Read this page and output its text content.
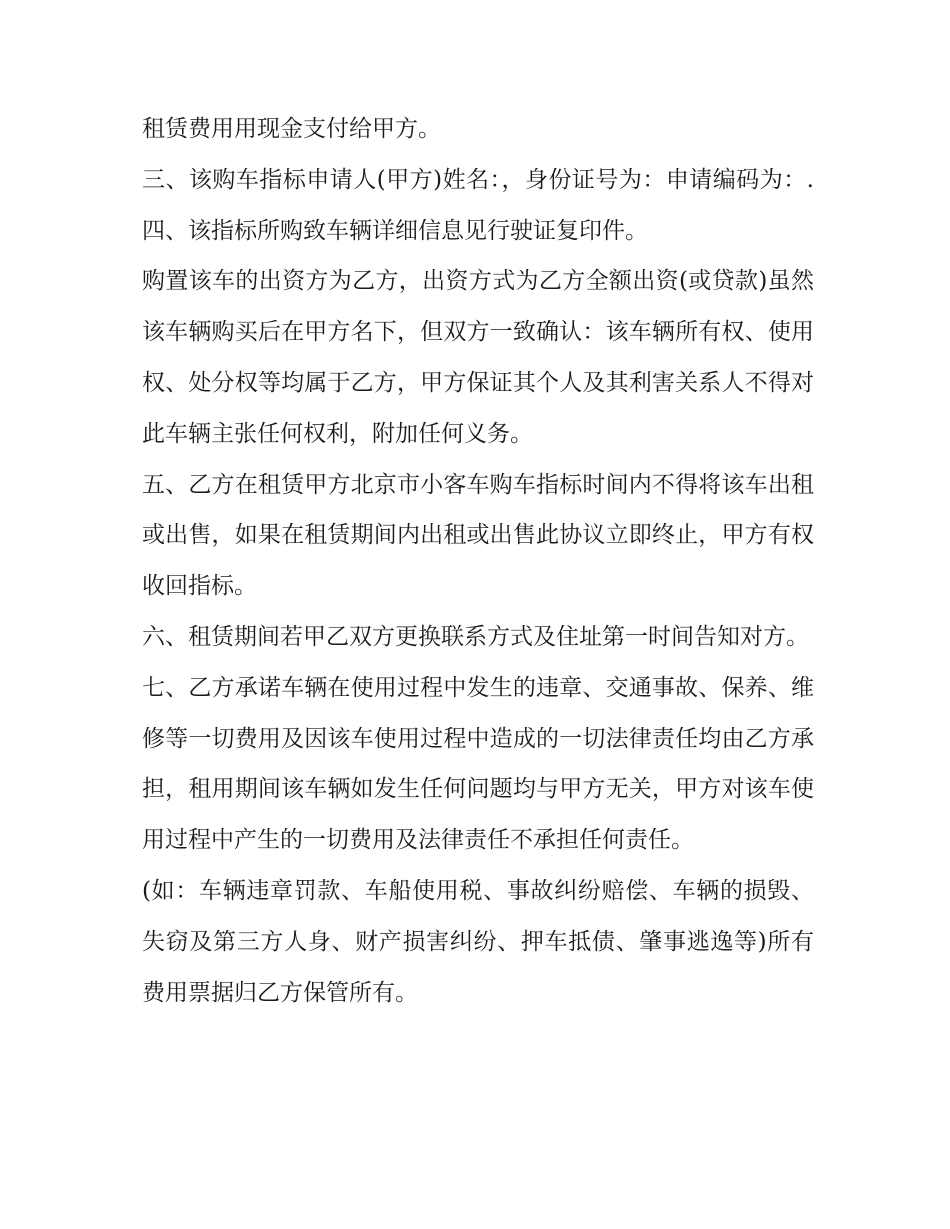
租赁费用用现金支付给甲方。

三、该购车指标申请人(甲方)姓名：，身份证号为：申请编码为：.四、该指标所购致车辆详细信息见行驶证复印件。

购置该车的出资方为乙方，出资方式为乙方全额出资(或贷款)虽然该车辆购买后在甲方名下，但双方一致确认：该车辆所有权、使用权、处分权等均属于乙方，甲方保证其个人及其利害关系人不得对此车辆主张任何权利，附加任何义务。

五、乙方在租赁甲方北京市小客车购车指标时间内不得将该车出租或出售，如果在租赁期间内出租或出售此协议立即终止，甲方有权收回指标。

六、租赁期间若甲乙双方更换联系方式及住址第一时间告知对方。

七、乙方承诺车辆在使用过程中发生的违章、交通事故、保养、维修等一切费用及因该车使用过程中造成的一切法律责任均由乙方承担，租用期间该车辆如发生任何问题均与甲方无关，甲方对该车使用过程中产生的一切费用及法律责任不承担任何责任。

(如：车辆违章罚款、车船使用税、事故纠纷赔偿、车辆的损毁、失窃及第三方人身、财产损害纠纷、押车抵债、肇事逃逸等)所有费用票据归乙方保管所有。
